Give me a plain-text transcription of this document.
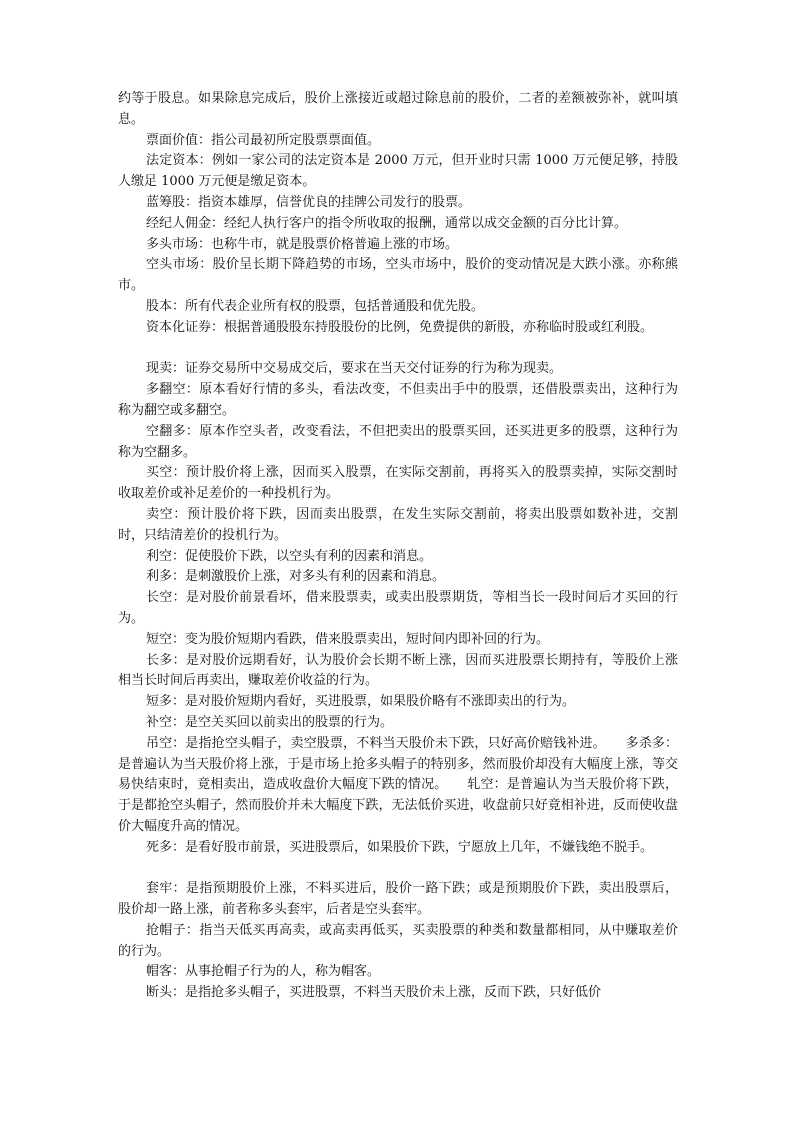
约等于股息。如果除息完成后，股价上涨接近或超过除息前的股价，二者的差额被弥补，就叫填息。

票面价值：指公司最初所定股票票面值。

法定资本：例如一家公司的法定资本是 2000 万元，但开业时只需 1000 万元便足够，持股人缴足 1000 万元便是缴足资本。

蓝筹股：指资本雄厚，信誉优良的挂牌公司发行的股票。

经纪人佣金：经纪人执行客户的指令所收取的报酬，通常以成交金额的百分比计算。

多头市场：也称牛市，就是股票价格普遍上涨的市场。

空头市场：股价呈长期下降趋势的市场，空头市场中，股价的变动情况是大跌小涨。亦称熊市。

股本：所有代表企业所有权的股票，包括普通股和优先股。

资本化证券：根据普通股股东持股股份的比例，免费提供的新股，亦称临时股或红利股。

现卖：证券交易所中交易成交后，要求在当天交付证券的行为称为现卖。

多翻空：原本看好行情的多头，看法改变，不但卖出手中的股票，还借股票卖出，这种行为称为翻空或多翻空。

空翻多：原本作空头者，改变看法，不但把卖出的股票买回，还买进更多的股票，这种行为称为空翻多。

买空：预计股价将上涨，因而买入股票，在实际交割前，再将买入的股票卖掉，实际交割时收取差价或补足差价的一种投机行为。

卖空：预计股价将下跌，因而卖出股票，在发生实际交割前，将卖出股票如数补进，交割时，只结清差价的投机行为。

利空：促使股价下跌，以空头有利的因素和消息。

利多：是刺激股价上涨，对多头有利的因素和消息。

长空：是对股价前景看坏，借来股票卖，或卖出股票期货，等相当长一段时间后才买回的行为。

短空：变为股价短期内看跌，借来股票卖出，短时间内即补回的行为。

长多：是对股价远期看好，认为股价会长期不断上涨，因而买进股票长期持有，等股价上涨相当长时间后再卖出，赚取差价收益的行为。

短多：是对股价短期内看好，买进股票，如果股价略有不涨即卖出的行为。

补空：是空关买回以前卖出的股票的行为。

吊空：是指抢空头帽子，卖空股票，不料当天股价未下跌，只好高价赔钱补进。　　多杀多：是普遍认为当天股价将上涨，于是市场上抢多头帽子的特别多，然而股价却没有大幅度上涨，等交易快结束时，竟相卖出，造成收盘价大幅度下跌的情况。　　轧空：是普遍认为当天股价将下跌，于是都抢空头帽子，然而股价并未大幅度下跌，无法低价买进，收盘前只好竟相补进，反而使收盘价大幅度升高的情况。

死多：是看好股市前景，买进股票后，如果股价下跌，宁愿放上几年，不嫌钱绝不脱手。

套牢：是指预期股价上涨，不料买进后，股价一路下跌；或是预期股价下跌，卖出股票后，股价却一路上涨，前者称多头套牢，后者是空头套牢。

抢帽子：指当天低买再高卖，或高卖再低买，买卖股票的种类和数量都相同，从中赚取差价的行为。

帽客：从事抢帽子行为的人，称为帽客。

断头：是指抢多头帽子，买进股票，不料当天股价未上涨，反而下跌，只好低价
